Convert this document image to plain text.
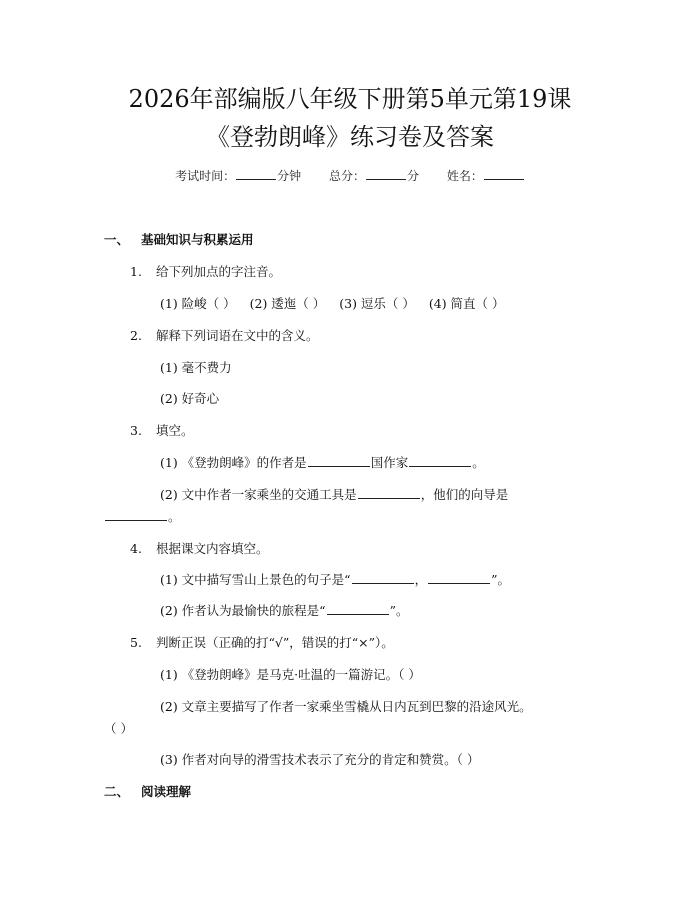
2026年部编版八年级下册第5单元第19课
《登勃朗峰》练习卷及答案
考试时间：	分钟 总分：	分 姓名：
一、 基础知识与积累运用
1. 给下列加点的字注音。
(1) 险峻（ ） (2) 逶迤（ ） (3) 逗乐（ ） (4) 简直（ ）
2. 解释下列词语在文中的含义。
(1) 毫不费力
(2) 好奇心
3. 填空。
(1) 《登勃朗峰》的作者是	国作家	。
(2) 文中作者一家乘坐的交通工具是	，他们的向导是
。
4. 根据课文内容填空。
(1) 文中描写雪山上景色的句子是“	，	”。
(2) 作者认为最愉快的旅程是“	”。
5. 判断正误（正确的打“√”，错误的打“×”）。
(1) 《登勃朗峰》是马克·吐温的一篇游记。（ ）
(2) 文章主要描写了作者一家乘坐雪橇从日内瓦到巴黎的沿途风光。
（ ）
(3) 作者对向导的滑雪技术表示了充分的肯定和赞赏。（ ）
二、 阅读理解
